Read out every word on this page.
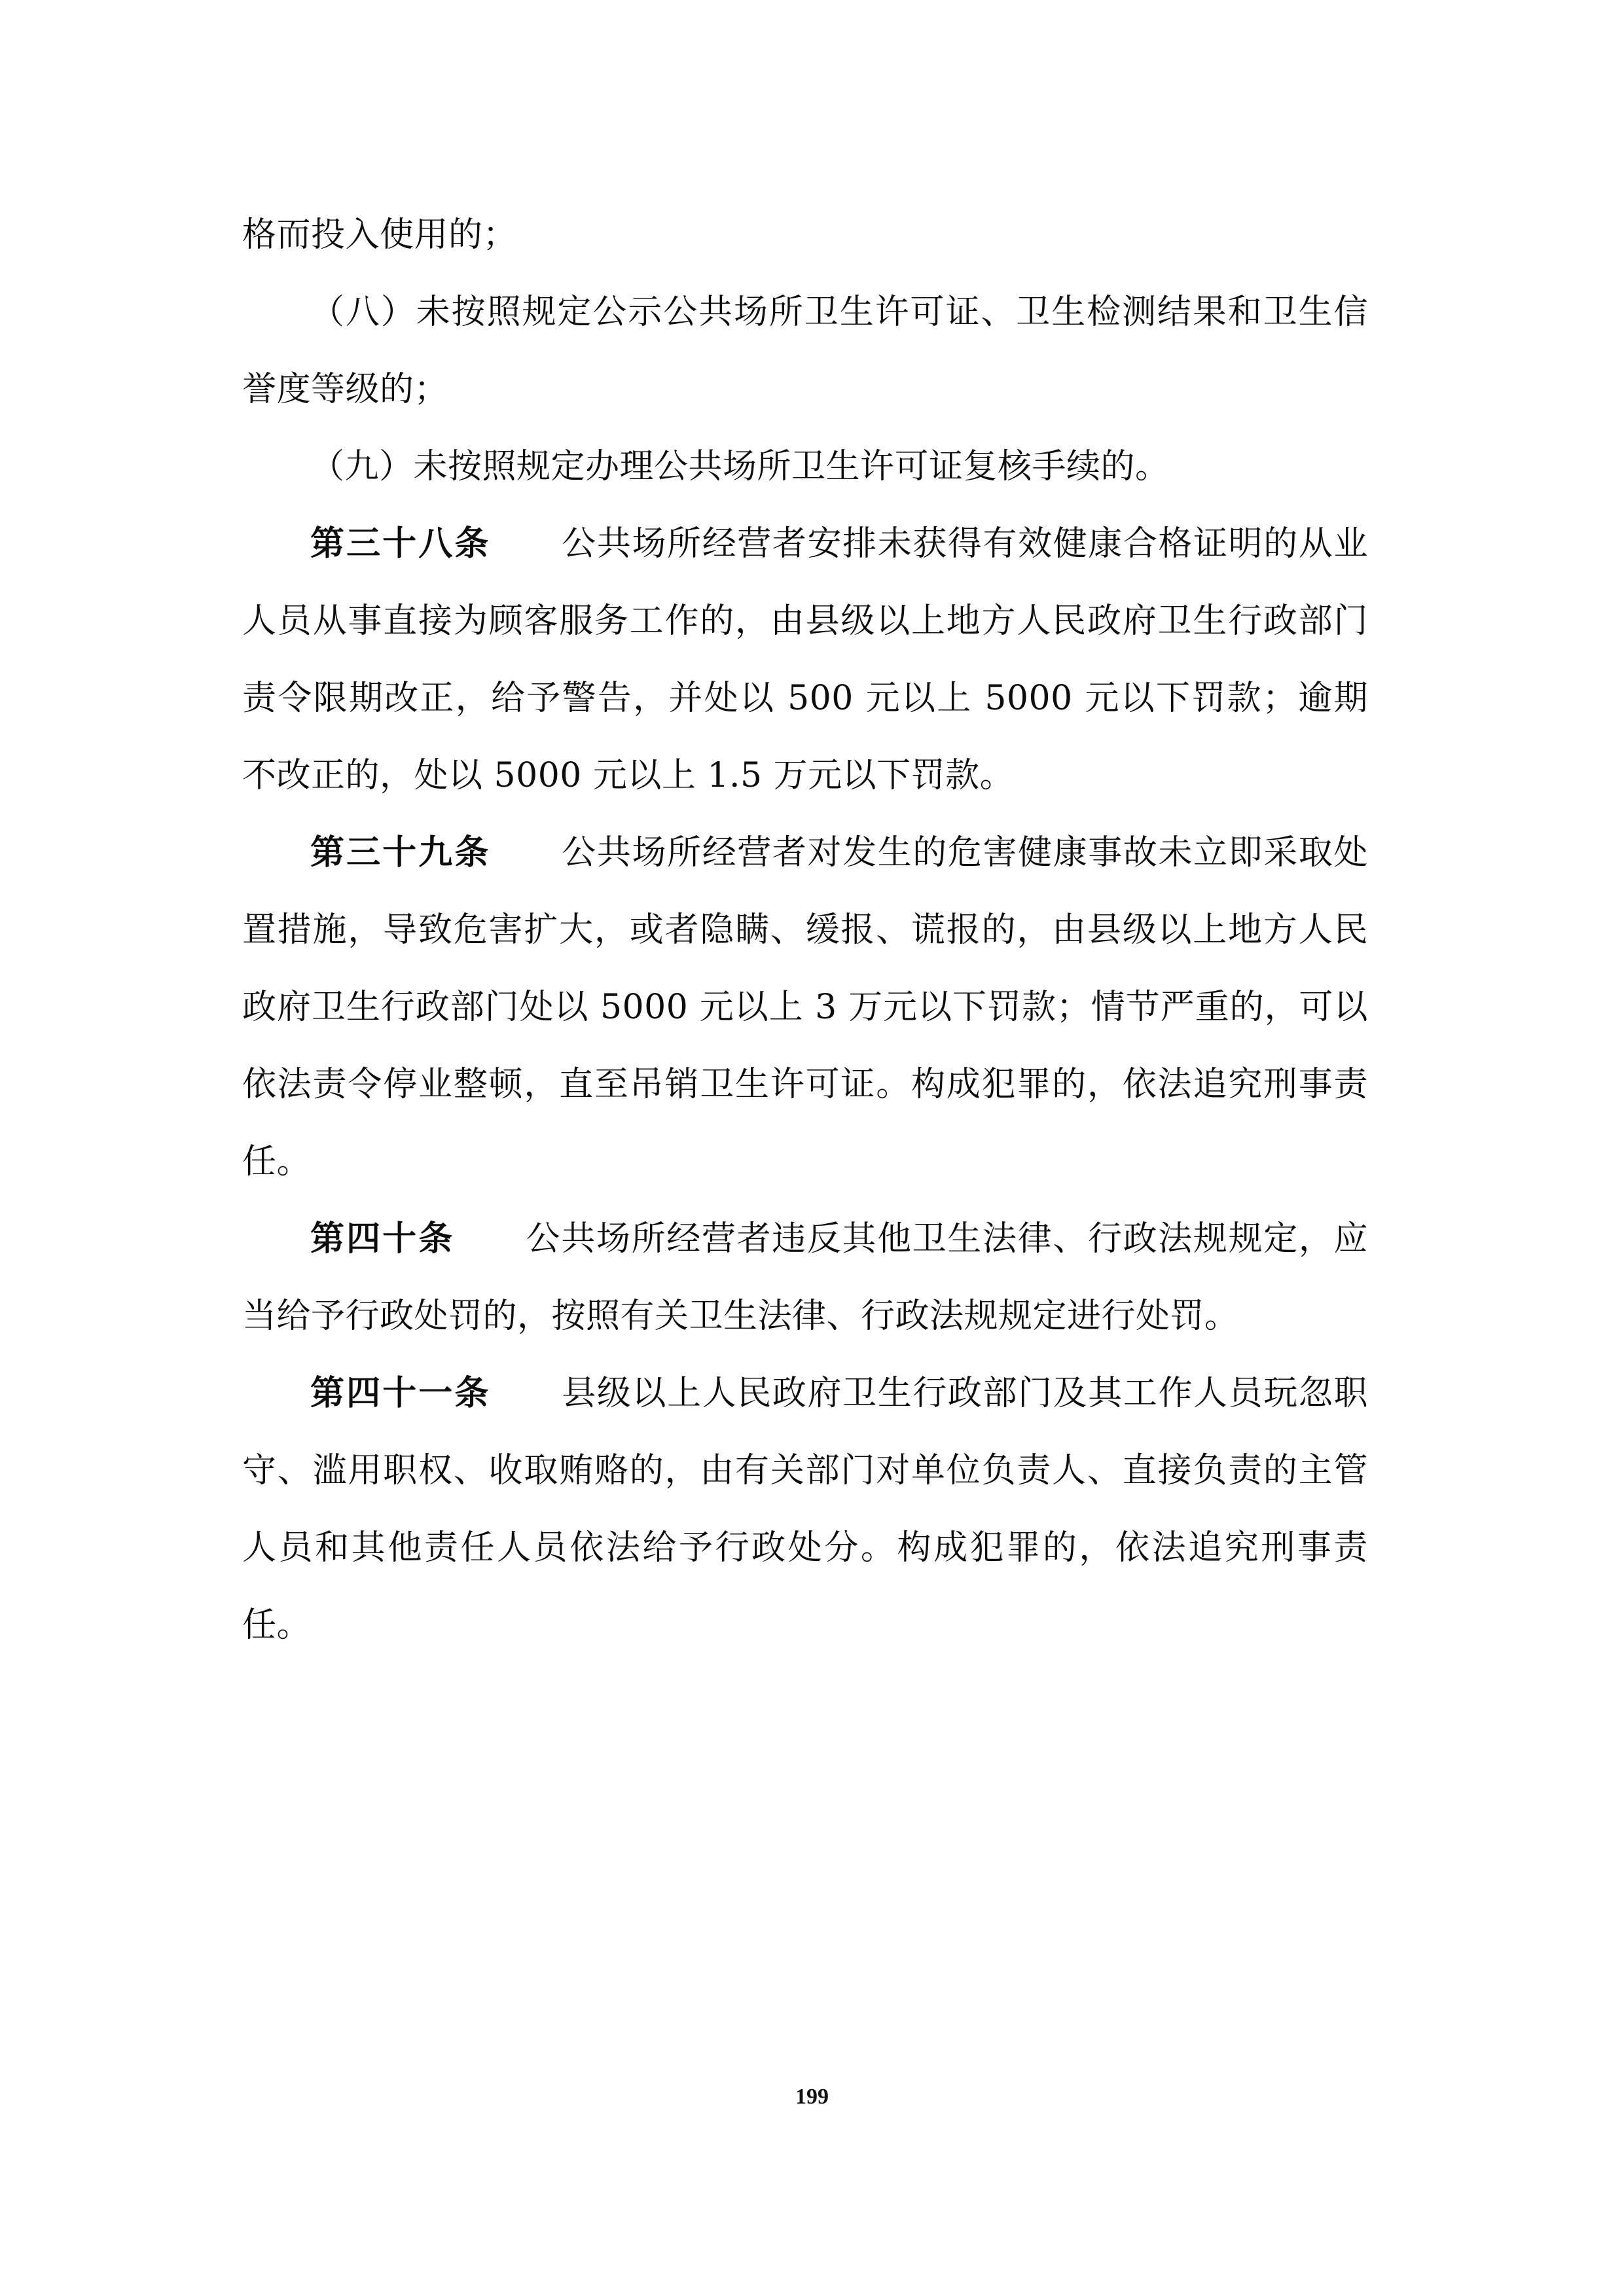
格而投入使用的；

（八）未按照规定公示公共场所卫生许可证、卫生检测结果和卫生信誉度等级的；

（九）未按照规定办理公共场所卫生许可证复核手续的。

第三十八条 公共场所经营者安排未获得有效健康合格证明的从业人员从事直接为顾客服务工作的，由县级以上地方人民政府卫生行政部门责令限期改正，给予警告，并处以 500 元以上 5000 元以下罚款；逾期不改正的，处以 5000 元以上 1.5 万元以下罚款。

第三十九条 公共场所经营者对发生的危害健康事故未立即采取处置措施，导致危害扩大，或者隐瞒、缓报、谎报的，由县级以上地方人民政府卫生行政部门处以 5000 元以上 3 万元以下罚款；情节严重的，可以依法责令停业整顿，直至吊销卫生许可证。构成犯罪的，依法追究刑事责任。

第四十条 公共场所经营者违反其他卫生法律、行政法规规定，应当给予行政处罚的，按照有关卫生法律、行政法规规定进行处罚。

第四十一条 县级以上人民政府卫生行政部门及其工作人员玩忽职守、滥用职权、收取贿赂的，由有关部门对单位负责人、直接负责的主管人员和其他责任人员依法给予行政处分。构成犯罪的，依法追究刑事责任。

199
